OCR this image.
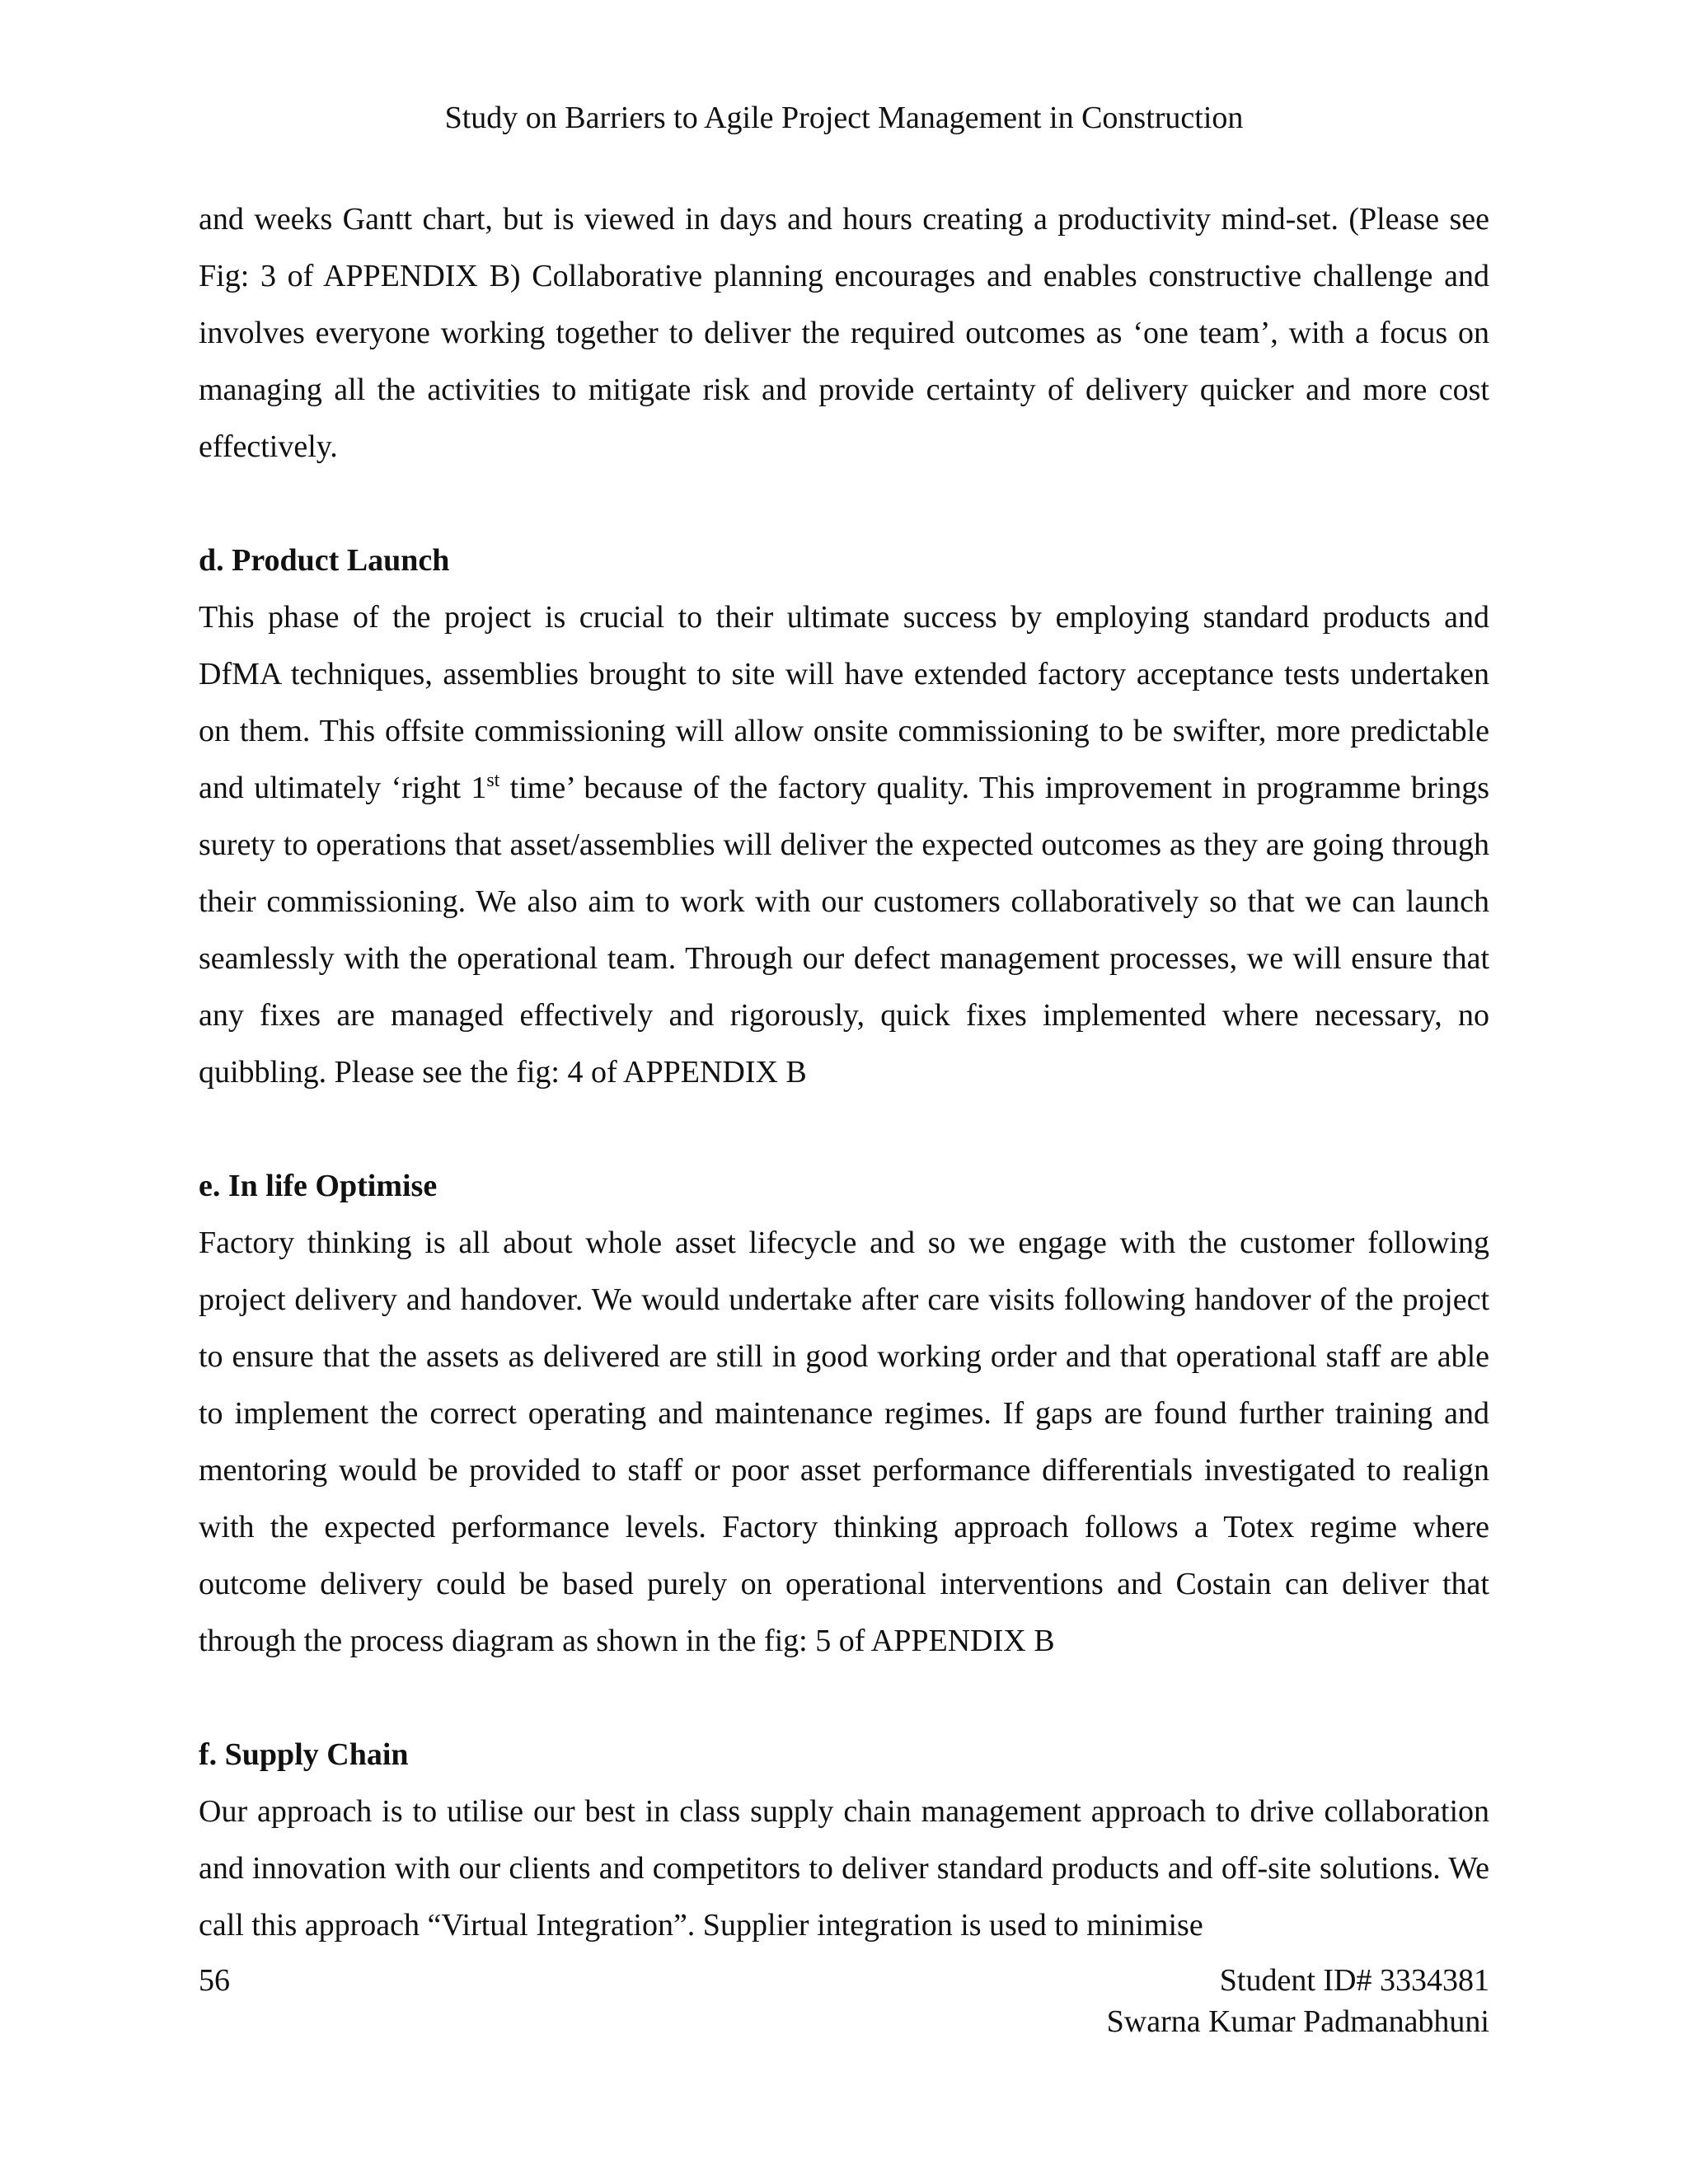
Study on Barriers to Agile Project Management in Construction

and weeks Gantt chart, but is viewed in days and hours creating a productivity mind-set. (Please see Fig: 3 of APPENDIX B) Collaborative planning encourages and enables constructive challenge and involves everyone working together to deliver the required outcomes as ‘one team’, with a focus on managing all the activities to mitigate risk and provide certainty of delivery quicker and more cost effectively.

d. Product Launch

This phase of the project is crucial to their ultimate success by employing standard products and DfMA techniques, assemblies brought to site will have extended factory acceptance tests undertaken on them. This offsite commissioning will allow onsite commissioning to be swifter, more predictable and ultimately ‘right 1st time’ because of the factory quality. This improvement in programme brings surety to operations that asset/assemblies will deliver the expected outcomes as they are going through their commissioning. We also aim to work with our customers collaboratively so that we can launch seamlessly with the operational team. Through our defect management processes, we will ensure that any fixes are managed effectively and rigorously, quick fixes implemented where necessary, no quibbling. Please see the fig: 4 of APPENDIX B

e. In life Optimise

Factory thinking is all about whole asset lifecycle and so we engage with the customer following project delivery and handover. We would undertake after care visits following handover of the project to ensure that the assets as delivered are still in good working order and that operational staff are able to implement the correct operating and maintenance regimes. If gaps are found further training and mentoring would be provided to staff or poor asset performance differentials investigated to realign with the expected performance levels. Factory thinking approach follows a Totex regime where outcome delivery could be based purely on operational interventions and Costain can deliver that through the process diagram as shown in the fig: 5 of APPENDIX B

f. Supply Chain

Our approach is to utilise our best in class supply chain management approach to drive collaboration and innovation with our clients and competitors to deliver standard products and off-site solutions. We call this approach “Virtual Integration”. Supplier integration is used to minimise

56	Student ID# 3334381
Swarna Kumar Padmanabhuni
